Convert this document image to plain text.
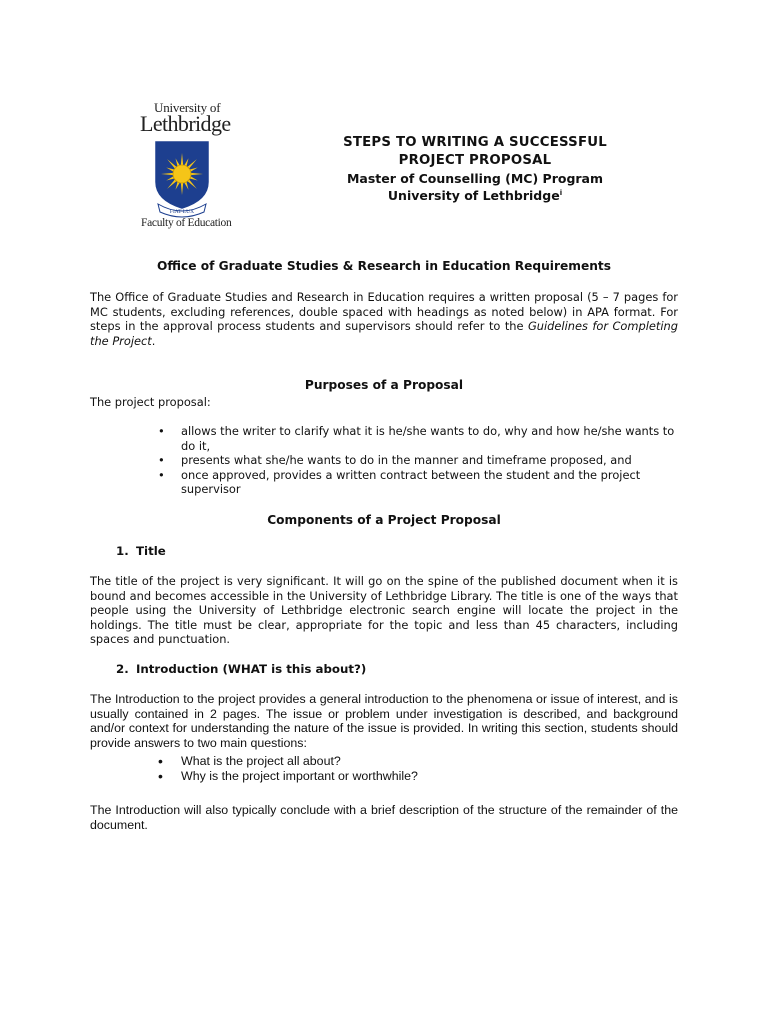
University of
Lethbridge
FIAT LUX
Faculty of Education
STEPS TO WRITING A SUCCESSFUL
PROJECT PROPOSAL
Master of Counselling (MC) Program
University of Lethbridge$^i$
Office of Graduate Studies & Research in Education Requirements
The Office of Graduate Studies and Research in Education requires a written proposal (5 – 7 pages for MC students, excluding references, double spaced with headings as noted below) in APA format. For steps in the approval process students and supervisors should refer to the Guidelines for Completing the Project.
Purposes of a Proposal
The project proposal:
• allows the writer to clarify what it is he/she wants to do, why and how he/she wants to do it,
• presents what she/he wants to do in the manner and timeframe proposed, and
• once approved, provides a written contract between the student and the project supervisor
Components of a Project Proposal
1. Title
The title of the project is very significant. It will go on the spine of the published document when it is bound and becomes accessible in the University of Lethbridge Library. The title is one of the ways that people using the University of Lethbridge electronic search engine will locate the project in the holdings. The title must be clear, appropriate for the topic and less than 45 characters, including spaces and punctuation.
2. Introduction (WHAT is this about?)
The Introduction to the project provides a general introduction to the phenomena or issue of interest, and is usually contained in 2 pages. The issue or problem under investigation is described, and background and/or context for understanding the nature of the issue is provided. In writing this section, students should provide answers to two main questions:
• What is the project all about?
• Why is the project important or worthwhile?
The Introduction will also typically conclude with a brief description of the structure of the remainder of the document.
